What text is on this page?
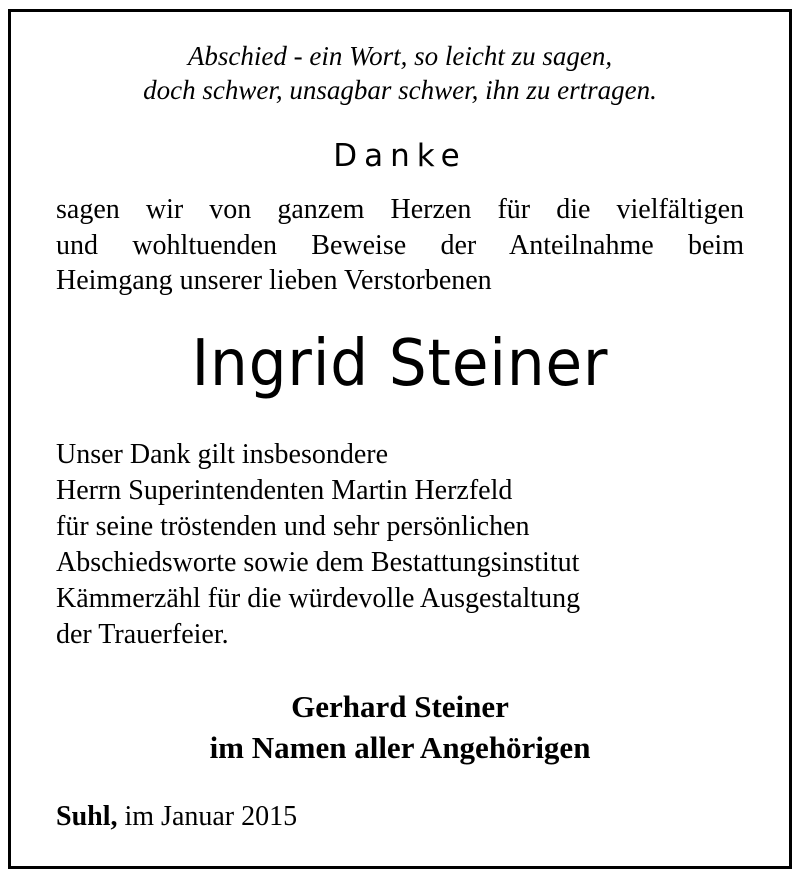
Abschied - ein Wort, so leicht zu sagen,
doch schwer, unsagbar schwer, ihn zu ertragen.
Danke
sagen wir von ganzem Herzen für die vielfältigen
und wohltuenden Beweise der Anteilnahme beim
Heimgang unserer lieben Verstorbenen
Ingrid Steiner
Unser Dank gilt insbesondere
Herrn Superintendenten Martin Herzfeld
für seine tröstenden und sehr persönlichen
Abschiedsworte sowie dem Bestattungsinstitut
Kämmerzähl für die würdevolle Ausgestaltung
der Trauerfeier.
Gerhard Steiner
im Namen aller Angehörigen
Suhl, im Januar 2015
